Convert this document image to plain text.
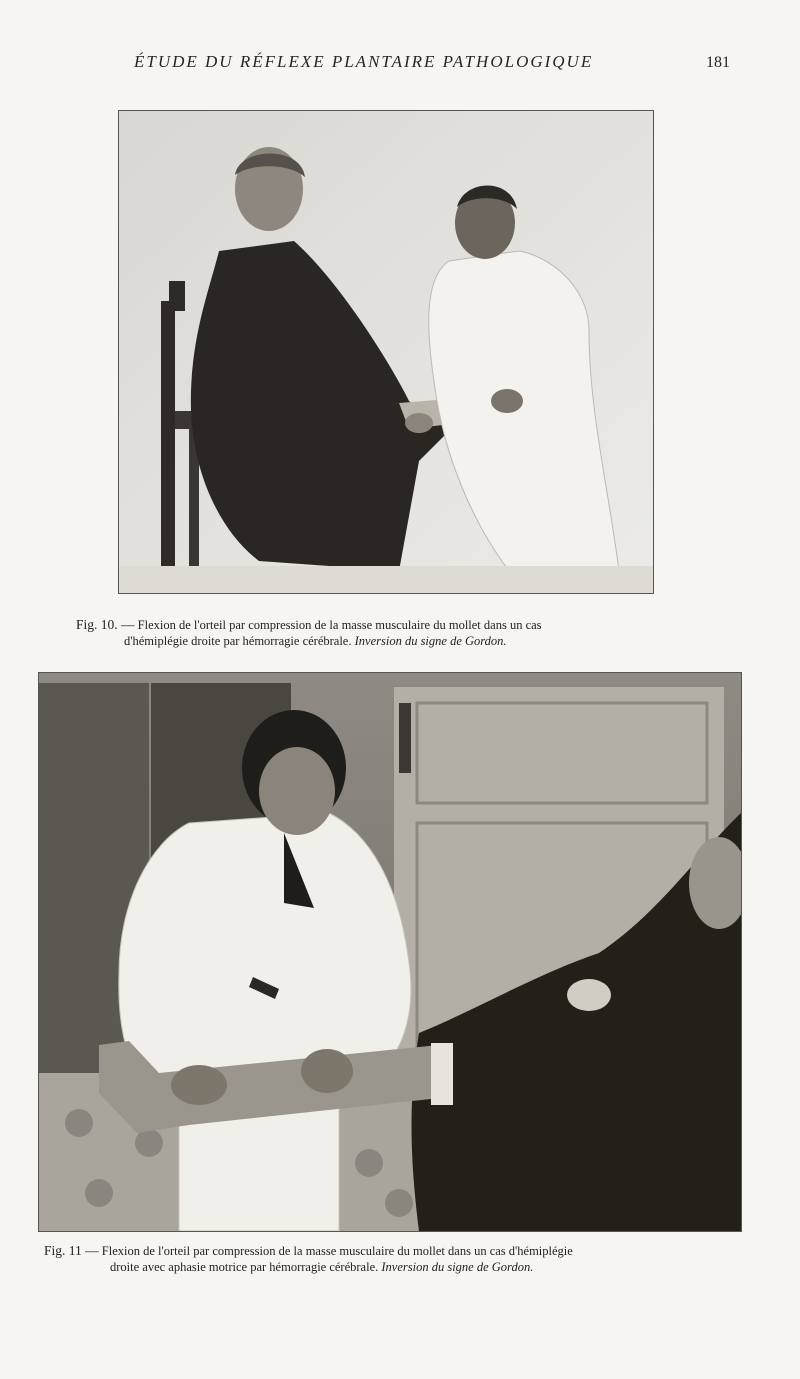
ÉTUDE DU RÉFLEXE PLANTAIRE PATHOLOGIQUE	181
Fig. 10. — Flexion de l'orteil par compression de la masse musculaire du mollet dans un cas
d'hémiplégie droite par hémorragie cérébrale. Inversion du signe de Gordon.
Fig. 11 — Flexion de l'orteil par compression de la masse musculaire du mollet dans un cas d'hémiplégie
droite avec aphasie motrice par hémorragie cérébrale. Inversion du signe de Gordon.
